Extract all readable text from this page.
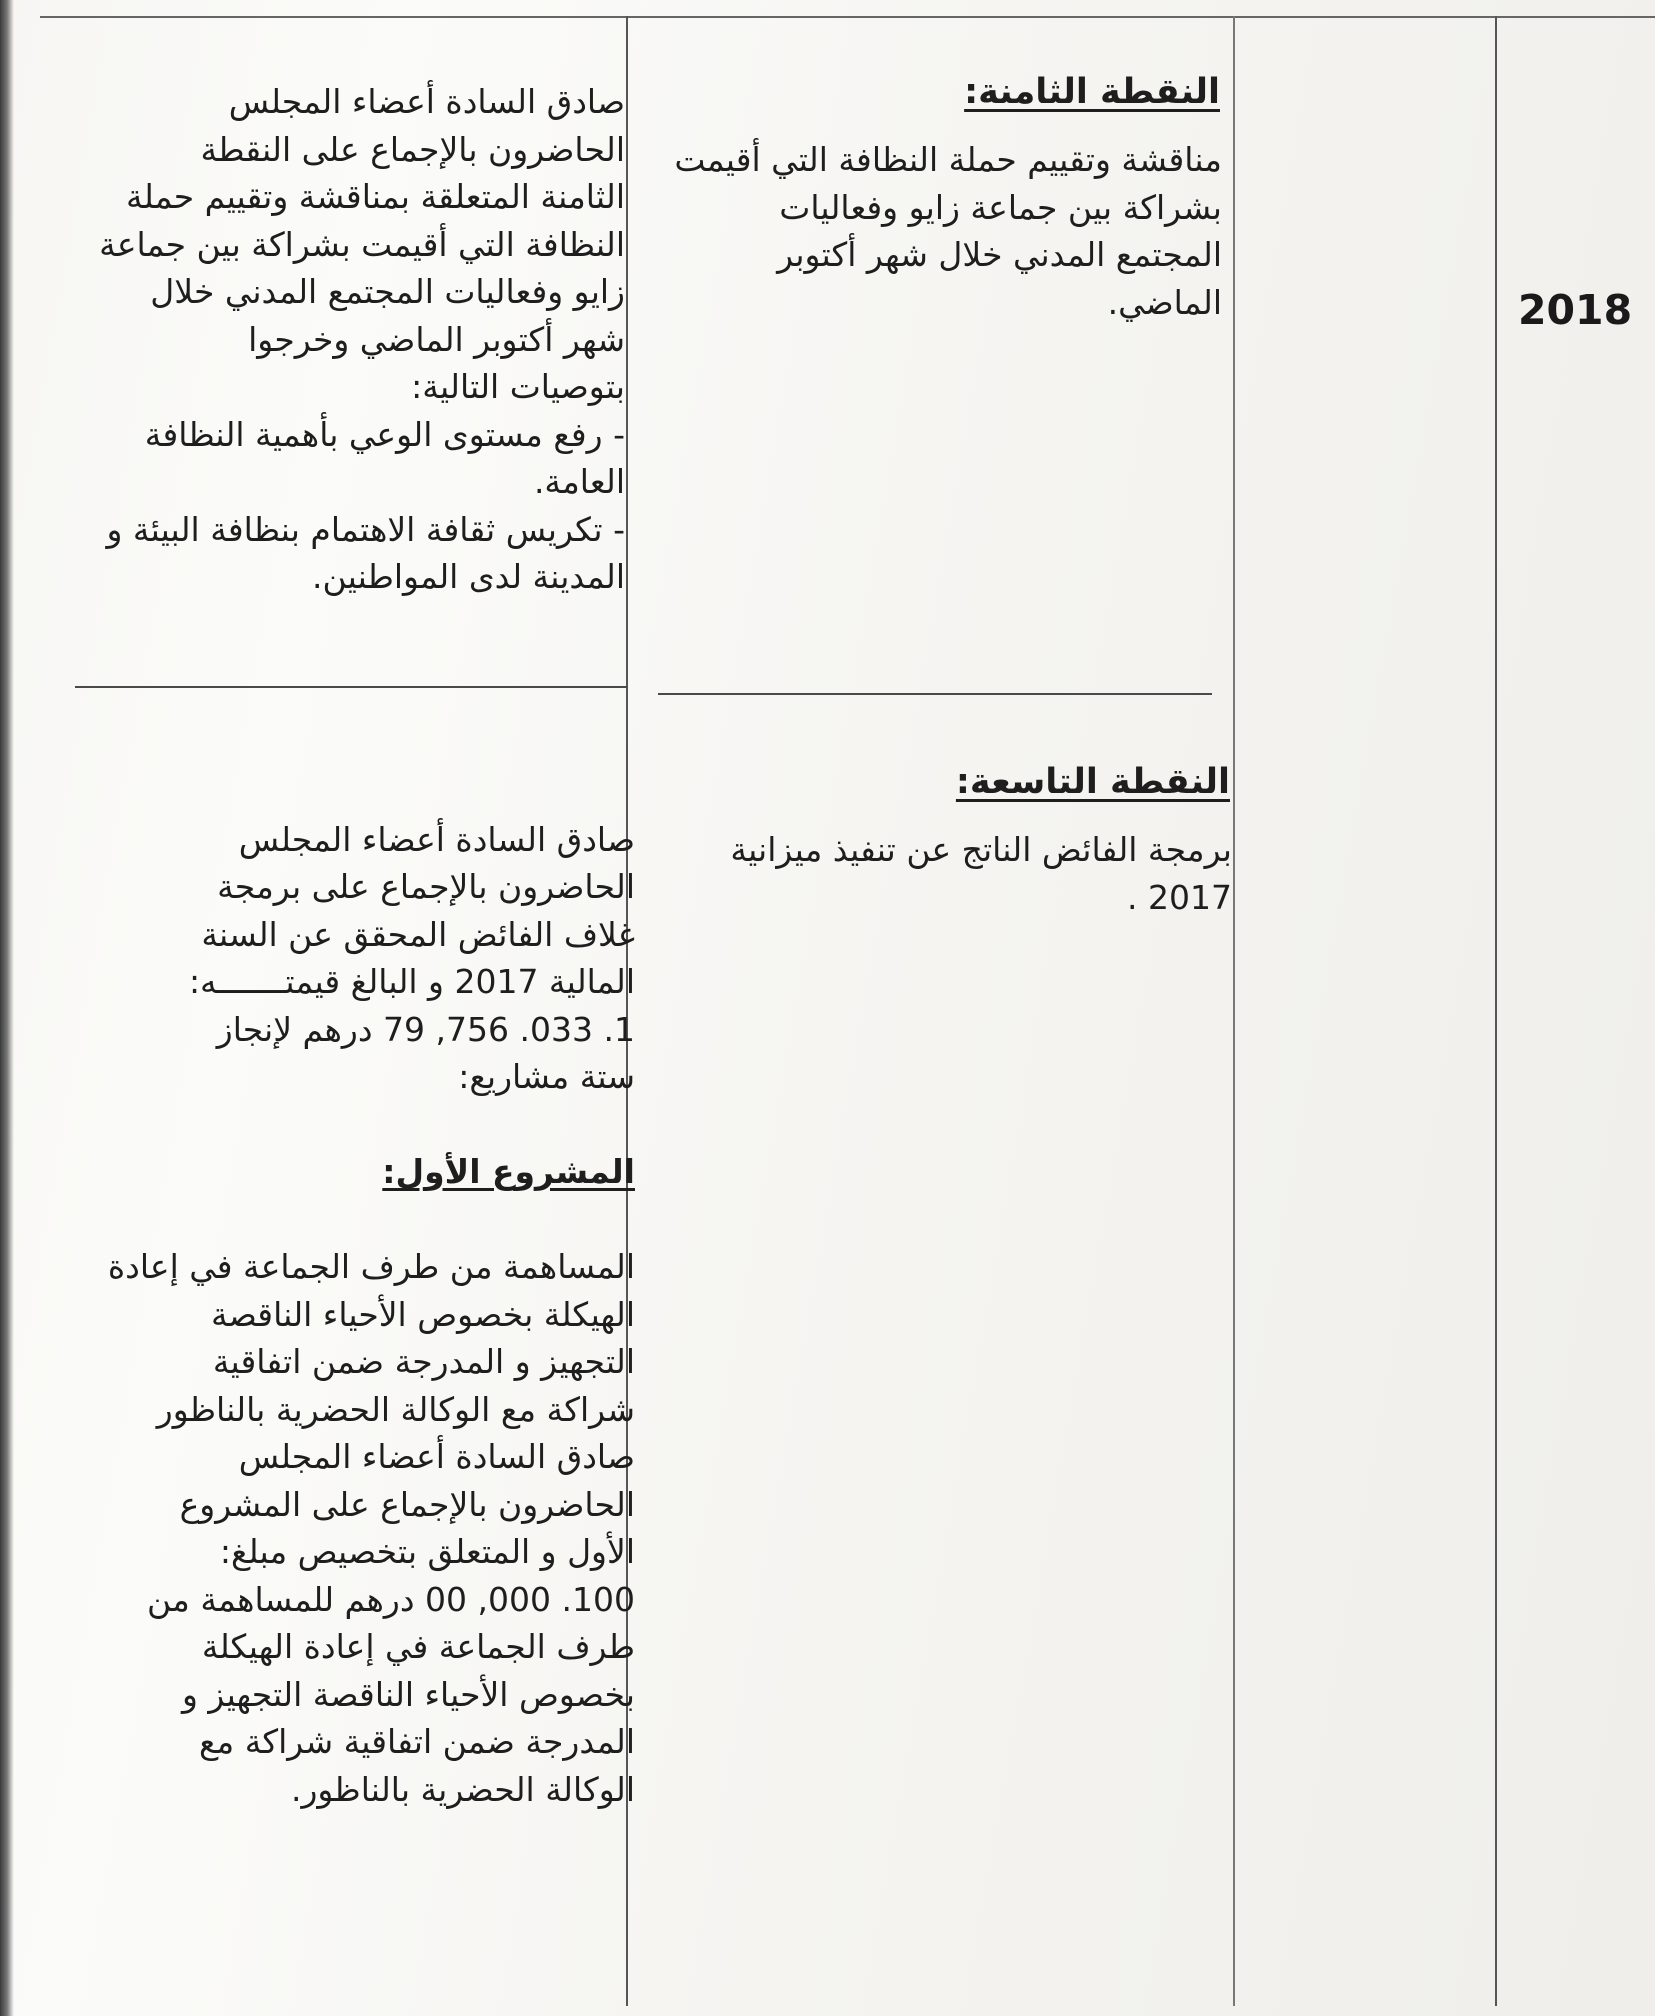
2018
النقطة الثامنة:
مناقشة وتقييم حملة النظافة التي أقيمت
بشراكة بين جماعة زايو وفعاليات
المجتمع المدني خلال شهر أكتوبر
الماضي.
صادق السادة أعضاء المجلس
الحاضرون بالإجماع على النقطة
الثامنة المتعلقة بمناقشة وتقييم حملة
النظافة التي أقيمت بشراكة بين جماعة
زايو وفعاليات المجتمع المدني خلال
شهر أكتوبر الماضي وخرجوا
بتوصيات التالية:
- رفع مستوى الوعي بأهمية النظافة
العامة.
- تكريس ثقافة الاهتمام بنظافة البيئة و
المدينة لدى المواطنين.
النقطة التاسعة:
برمجة الفائض الناتج عن تنفيذ ميزانية
2017 .

صادق السادة أعضاء المجلس
الحاضرون بالإجماع على برمجة
غلاف الفائض المحقق عن السنة
المالية 2017 و البالغ قيمتـــــــه:
1. 033. 756, 79 درهم لإنجاز
ستة مشاريع:

المشروع الأول:

المساهمة من طرف الجماعة في إعادة
الهيكلة بخصوص الأحياء الناقصة
التجهيز و المدرجة ضمن اتفاقية
شراكة مع الوكالة الحضرية بالناظور
صادق السادة أعضاء المجلس
الحاضرون بالإجماع على المشروع
الأول و المتعلق بتخصيص مبلغ:
100. 000, 00 درهم للمساهمة من
طرف الجماعة في إعادة الهيكلة
بخصوص الأحياء الناقصة التجهيز و
المدرجة ضمن اتفاقية شراكة مع
الوكالة الحضرية بالناظور.
